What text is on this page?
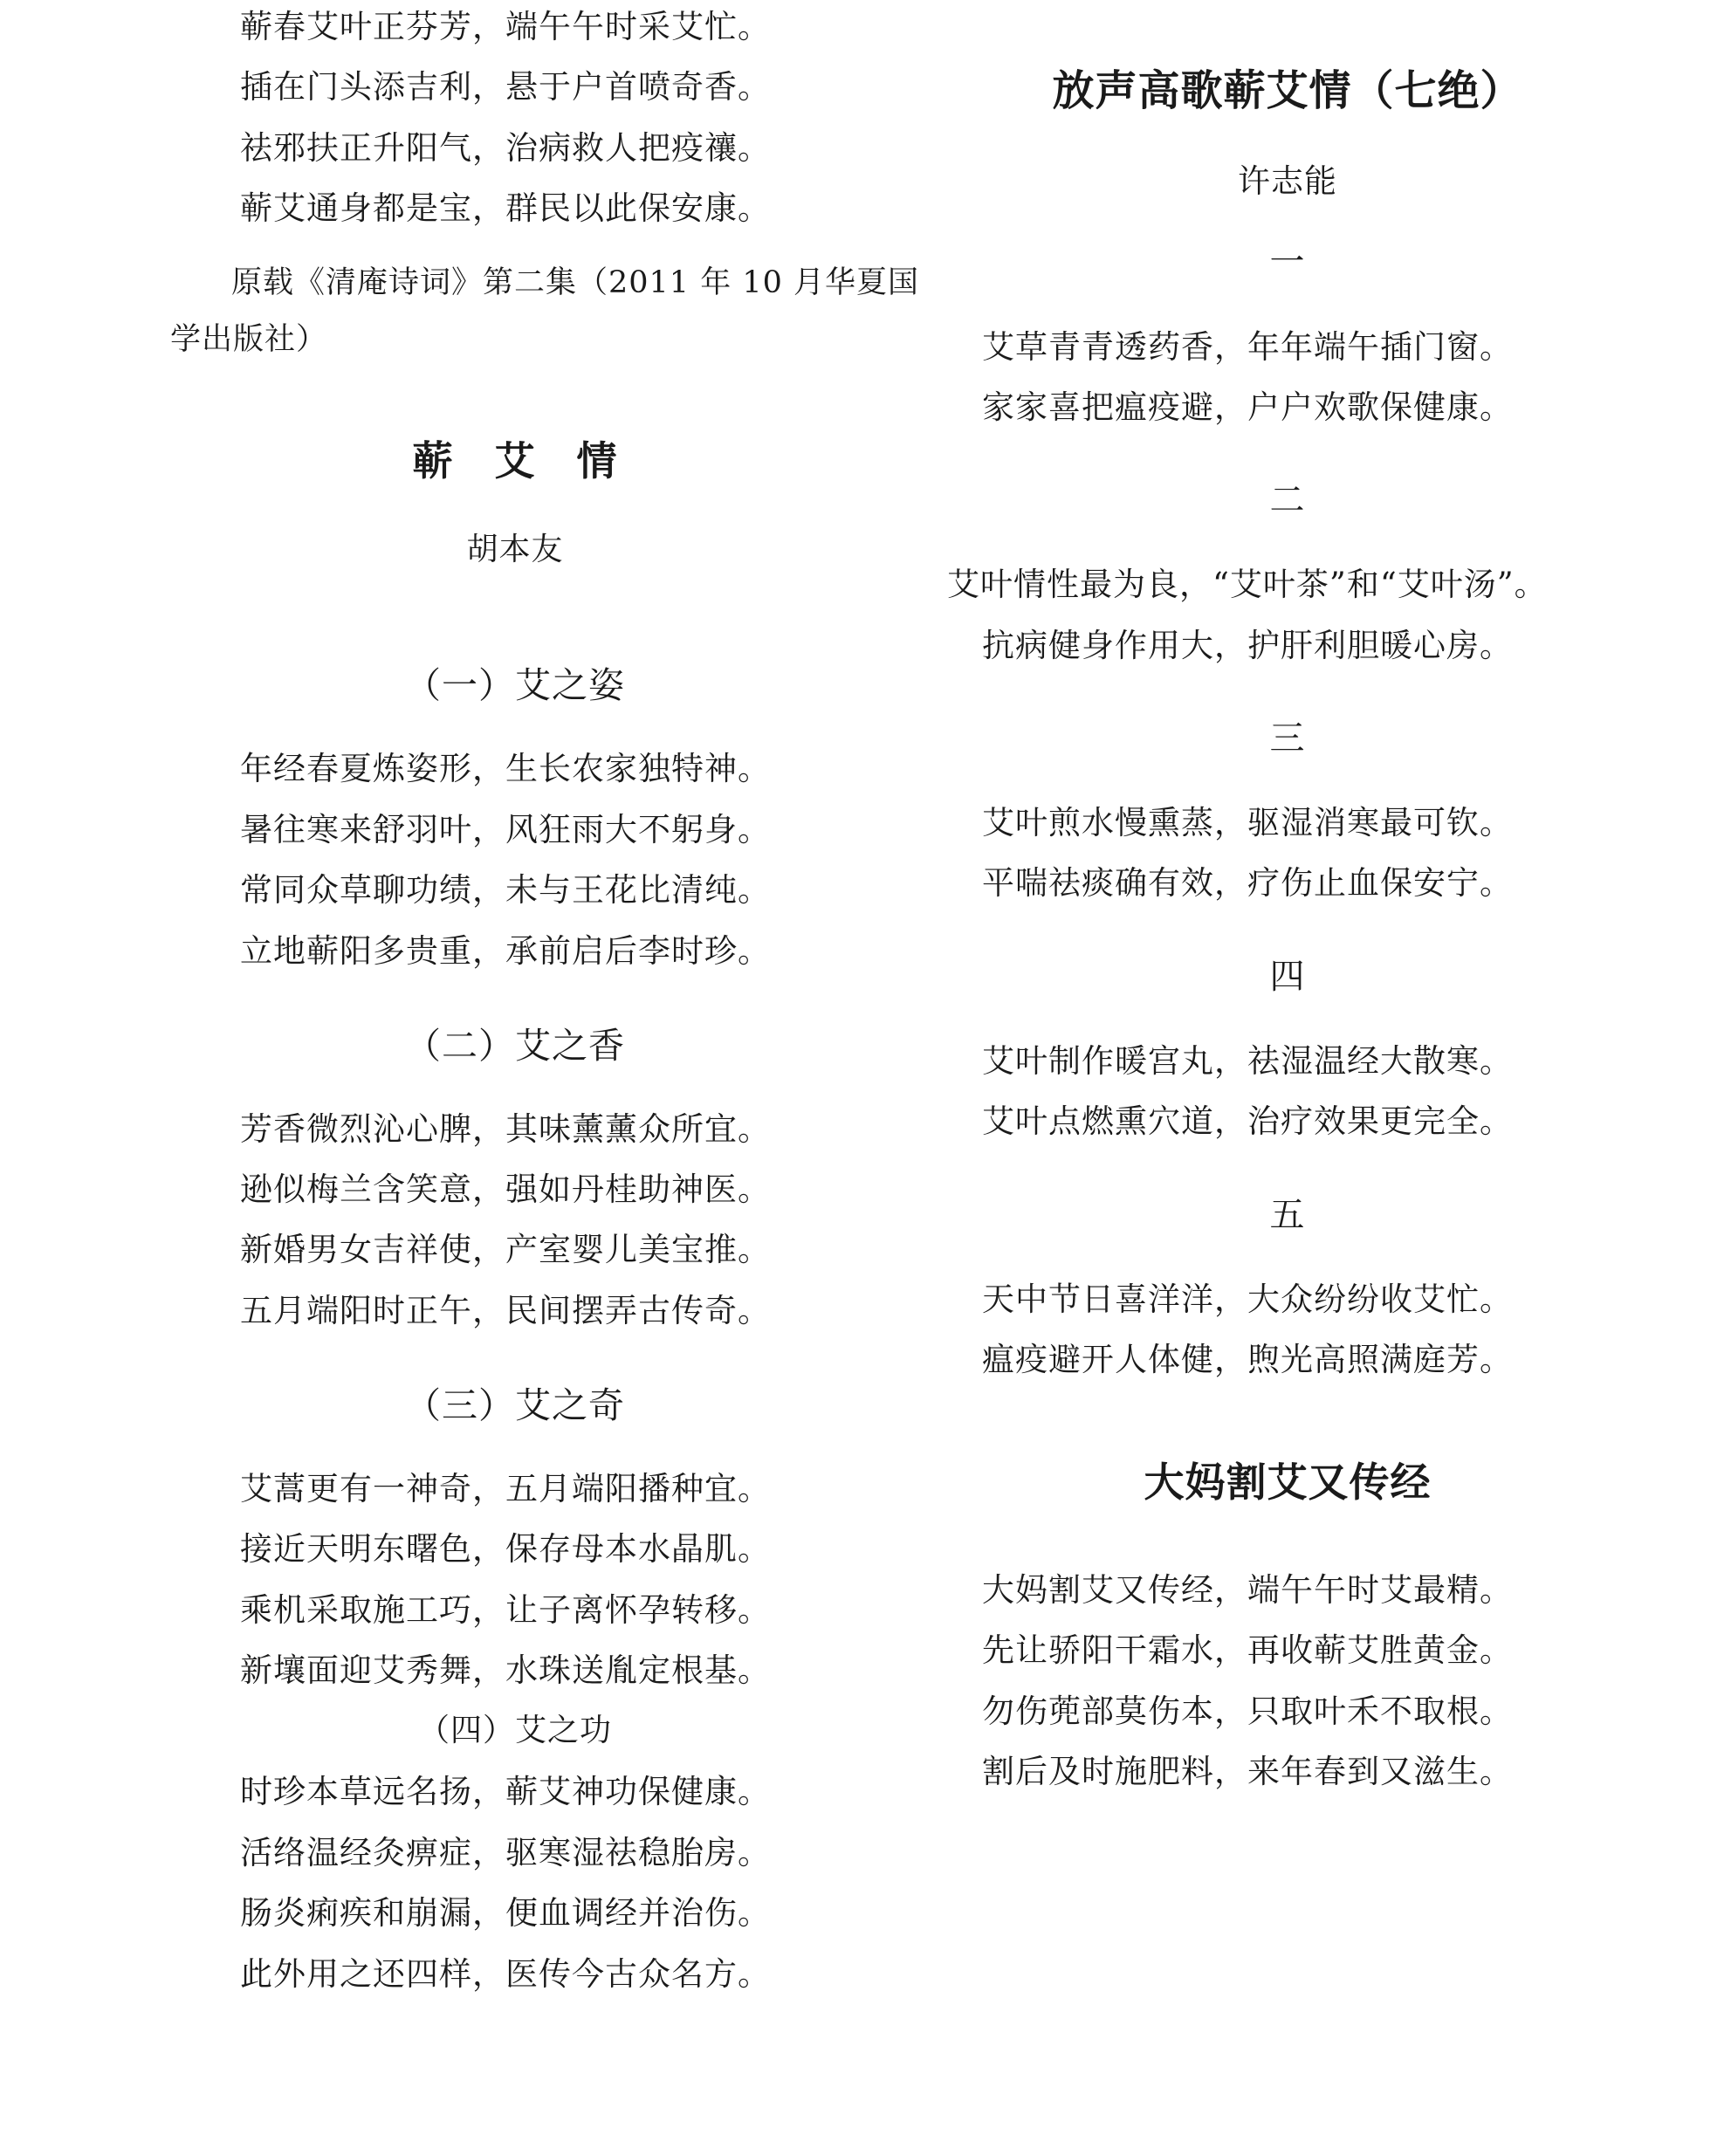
蕲春艾叶正芬芳，端午午时采艾忙。
插在门头添吉利，悬于户首喷奇香。
祛邪扶正升阳气，治病救人把疫禳。
蕲艾通身都是宝，群民以此保安康。
原载《清庵诗词》第二集（2011 年 10 月华夏国
学出版社）
蕲　艾　情
胡本友
（一）艾之姿
年经春夏炼姿形，生长农家独特神。
暑往寒来舒羽叶，风狂雨大不躬身。
常同众草聊功绩，未与王花比清纯。
立地蕲阳多贵重，承前启后李时珍。
（二）艾之香
芳香微烈沁心脾，其味薰薰众所宜。
逊似梅兰含笑意，强如丹桂助神医。
新婚男女吉祥使，产室婴儿美宝推。
五月端阳时正午，民间摆弄古传奇。
（三）艾之奇
艾蒿更有一神奇，五月端阳播种宜。
接近天明东曙色，保存母本水晶肌。
乘机采取施工巧，让子离怀孕转移。
新壤面迎艾秀舞，水珠送胤定根基。
（四）艾之功
时珍本草远名扬，蕲艾神功保健康。
活络温经灸痹症，驱寒湿祛稳胎房。
肠炎痢疾和崩漏，便血调经并治伤。
此外用之还四样，医传今古众名方。
放声高歌蕲艾情（七绝）
许志能
一
艾草青青透药香，年年端午插门窗。
家家喜把瘟疫避，户户欢歌保健康。
二
艾叶情性最为良，“艾叶茶”和“艾叶汤”。
抗病健身作用大，护肝利胆暖心房。
三
艾叶煎水慢熏蒸，驱湿消寒最可钦。
平喘祛痰确有效，疗伤止血保安宁。
四
艾叶制作暖宫丸，祛湿温经大散寒。
艾叶点燃熏穴道，治疗效果更完全。
五
天中节日喜洋洋，大众纷纷收艾忙。
瘟疫避开人体健，煦光高照满庭芳。
大妈割艾又传经
大妈割艾又传经，端午午时艾最精。
先让骄阳干霜水，再收蕲艾胜黄金。
勿伤蔸部莫伤本，只取叶禾不取根。
割后及时施肥料，来年春到又滋生。
